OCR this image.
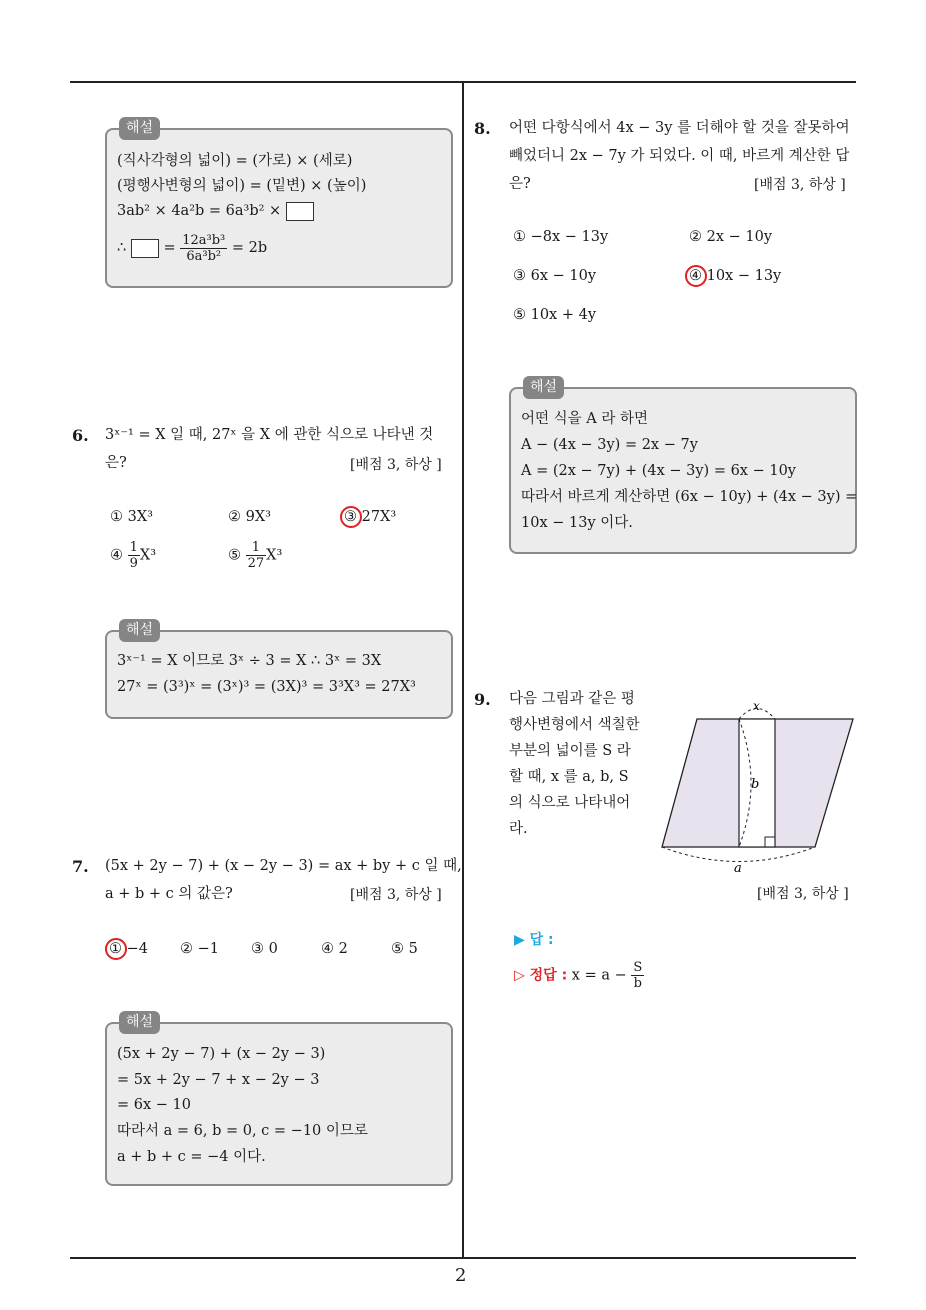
2
해설
(직사각형의 넓이) = (가로) × (세로)
(평행사변형의 넓이) = (밑변) × (높이)
3ab² × 4a²b = 6a³b² ×
∴	= $\frac{\text{12a³b³}}{\text{6a³b²}} = 2b$
6. 3ˣ⁻¹ = X 일 때, 27ˣ 을 X 에 관한 식으로 나타낸 것
은?	[배점 3, 하상 ]
① 3X³	② 9X³	③ 27X³
④ $\frac{1}{9} X^3$	⑤ $\frac{1}{27} X^3$
해설
3ˣ⁻¹ = X 이므로 3ˣ ÷ 3 = X ∴ 3ˣ = 3X
27ˣ = (3³)ˣ = (3ˣ)³ = (3X)³ = 3³X³ = 27X³
7. (5x + 2y − 7) + (x − 2y − 3) = ax + by + c 일 때,
a + b + c 의 값은?	[배점 3, 하상 ]
① −4 ② −1 ③ 0	④ 2	⑤ 5
해설
(5x + 2y − 7) + (x − 2y − 3)
= 5x + 2y − 7 + x − 2y − 3
= 6x − 10
따라서 a = 6, b = 0, c = −10 이므로
a + b + c = −4 이다.
8. 어떤 다항식에서 4x − 3y 를 더해야 할 것을 잘못하여
빼었더니 2x − 7y 가 되었다. 이 때, 바르게 계산한 답
은?	[배점 3, 하상 ]
① −8x − 13y	② 2x − 10y
③ 6x − 10y	④ 10x − 13y
⑤ 10x + 4y
해설
어떤 식을 A 라 하면
A − (4x − 3y) = 2x − 7y
A = (2x − 7y) + (4x − 3y) = 6x − 10y
따라서 바르게 계산하면 (6x − 10y) + (4x − 3y) =
10x − 13y 이다.
9. 다음 그림과 같은 평
행사변형에서 색칠한
부분의 넓이를 S 라
할 때, x 를 a, b, S
의 식으로 나타내어
라.
x
b
a
[배점 3, 하상 ]
▶ 답 :
▷ 정답 : $x = a - \frac{S}{b}$
